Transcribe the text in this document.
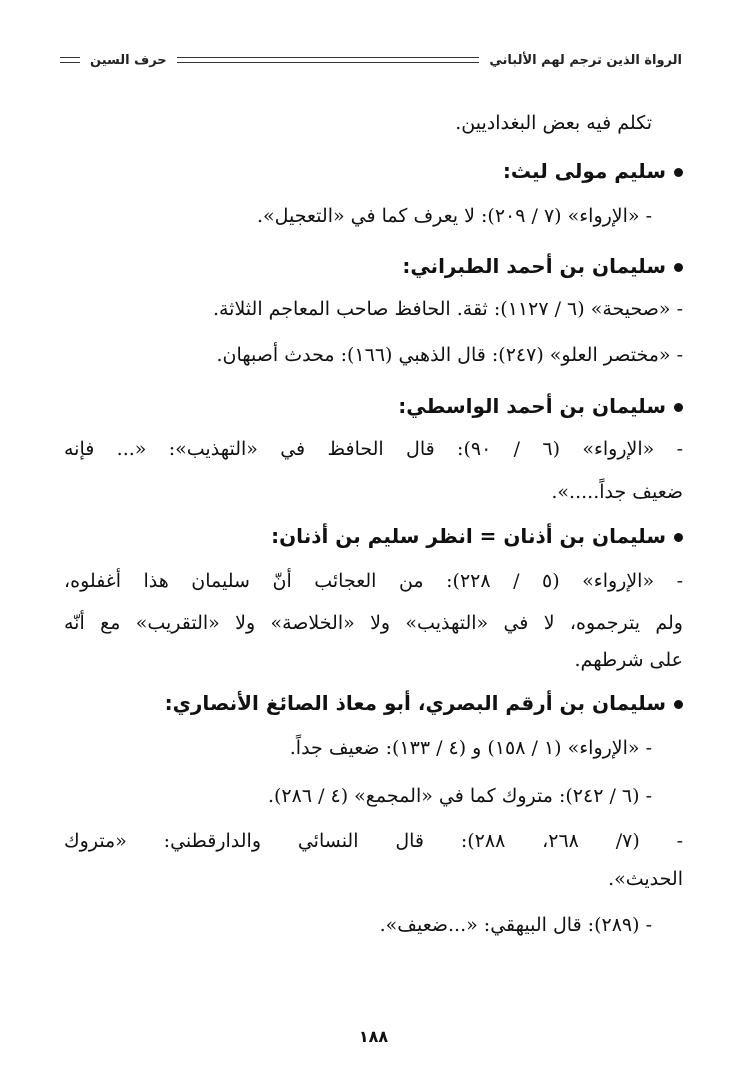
الرواة الذين ترجم لهم الألباني
حرف السين
تكلم فيه بعض البغداديين.
سليم مولى ليث:
- «الإرواء» (٧ / ٢٠٩): لا يعرف كما في «التعجيل».
سليمان بن أحمد الطبراني:
- «صحيحة» (٦ / ١١٢٧): ثقة. الحافظ صاحب المعاجم الثلاثة.
- «مختصر العلو» (٢٤٧): قال الذهبي (١٦٦): محدث أصبهان.
سليمان بن أحمد الواسطي:
- «الإرواء» (٦ / ٩٠): قال الحافظ في «التهذيب»: «... فإنه
ضعيف جداً.....».
سليمان بن أذنان = انظر سليم بن أذنان:
- «الإرواء» (٥ / ٢٢٨): من العجائب أنّ سليمان هذا أغفلوه،
ولم يترجموه، لا في «التهذيب» ولا «الخلاصة» ولا «التقريب» مع أنّه
على شرطهم.
سليمان بن أرقم البصري، أبو معاذ الصائغ الأنصاري:
- «الإرواء» (١ / ١٥٨) و (٤ / ١٣٣): ضعيف جداً.
- (٦ / ٢٤٢): متروك كما في «المجمع» (٤ / ٢٨٦).
- (٧/ ٢٦٨، ٢٨٨): قال النسائي والدارقطني: «متروك
الحديث».
- (٢٨٩): قال البيهقي: «...ضعيف».
١٨٨
